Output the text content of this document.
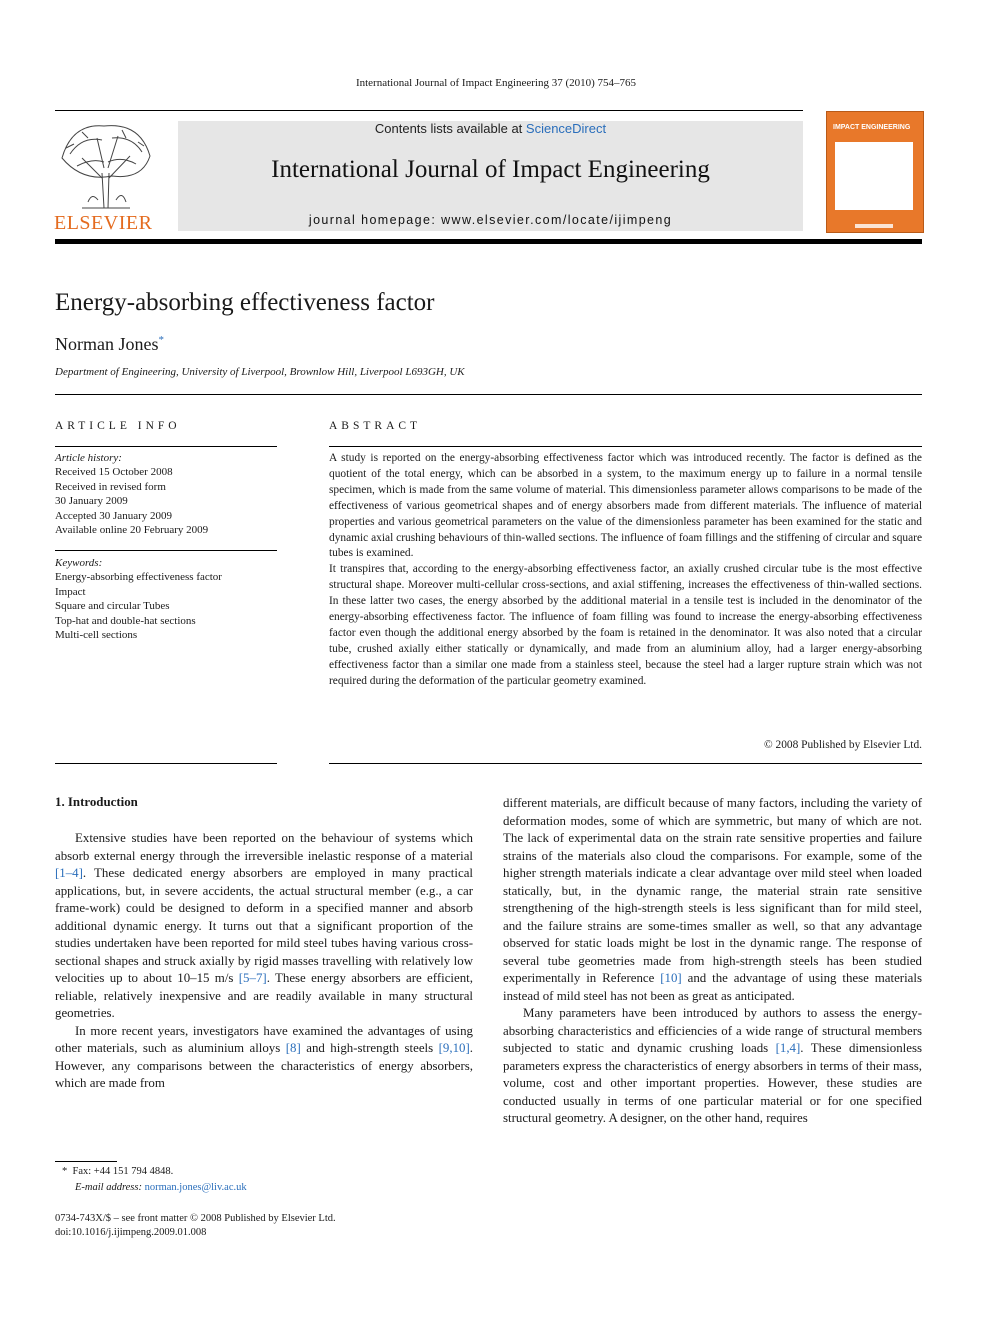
International Journal of Impact Engineering 37 (2010) 754–765
ELSEVIER
Contents lists available at ScienceDirect
International Journal of Impact Engineering
journal homepage: www.elsevier.com/locate/ijimpeng
IMPACT ENGINEERING
Energy-absorbing effectiveness factor
Norman Jones*
Department of Engineering, University of Liverpool, Brownlow Hill, Liverpool L693GH, UK
ARTICLE INFO
Article history:
Received 15 October 2008
Received in revised form
30 January 2009
Accepted 30 January 2009
Available online 20 February 2009
Keywords:
Energy-absorbing effectiveness factor
Impact
Square and circular Tubes
Top-hat and double-hat sections
Multi-cell sections
ABSTRACT

A study is reported on the energy-absorbing effectiveness factor which was introduced recently. The factor is defined as the quotient of the total energy, which can be absorbed in a system, to the maximum energy up to failure in a normal tensile specimen, which is made from the same volume of material. This dimensionless parameter allows comparisons to be made of the effectiveness of various geometrical shapes and of energy absorbers made from different materials. The influence of material properties and various geometrical parameters on the value of the dimensionless parameter has been examined for the static and dynamic axial crushing behaviours of thin-walled sections. The influence of foam fillings and the stiffening of circular and square tubes is examined.

It transpires that, according to the energy-absorbing effectiveness factor, an axially crushed circular tube is the most effective structural shape. Moreover multi-cellular cross-sections, and axial stiffening, increases the effectiveness of thin-walled sections. In these latter two cases, the energy absorbed by the additional material in a tensile test is included in the denominator of the energy-absorbing effectiveness factor. The influence of foam filling was found to increase the energy-absorbing effectiveness factor even though the additional energy absorbed by the foam is retained in the denominator. It was also noted that a circular tube, crushed axially either statically or dynamically, and made from an aluminium alloy, had a larger energy-absorbing effectiveness factor than a similar one made from a stainless steel, because the steel had a larger rupture strain which was not required during the deformation of the particular geometry examined.

© 2008 Published by Elsevier Ltd.
1. Introduction

Extensive studies have been reported on the behaviour of systems which absorb external energy through the irreversible inelastic response of a material [1–4]. These dedicated energy absorbers are employed in many practical applications, but, in severe accidents, the actual structural member (e.g., a car frame-work) could be designed to deform in a specified manner and absorb additional dynamic energy. It turns out that a significant proportion of the studies undertaken have been reported for mild steel tubes having various cross-sectional shapes and struck axially by rigid masses travelling with relatively low velocities up to about 10–15 m/s [5–7]. These energy absorbers are efficient, reliable, relatively inexpensive and are readily available in many structural geometries.

In more recent years, investigators have examined the advantages of using other materials, such as aluminium alloys [8] and high-strength steels [9,10]. However, any comparisons between the characteristics of energy absorbers, which are made from

different materials, are difficult because of many factors, including the variety of deformation modes, some of which are symmetric, but many of which are not. The lack of experimental data on the strain rate sensitive properties and failure strains of the materials also cloud the comparisons. For example, some of the higher strength materials indicate a clear advantage over mild steel when loaded statically, but, in the dynamic range, the material strain rate sensitive strengthening of the high-strength steels is less significant than for mild steel, and the failure strains are some-times smaller as well, so that any advantage observed for static loads might be lost in the dynamic range. The response of several tube geometries made from high-strength steels has been studied experimentally in Reference [10] and the advantage of using these materials instead of mild steel has not been as great as anticipated.

Many parameters have been introduced by authors to assess the energy-absorbing characteristics and efficiencies of a wide range of structural members subjected to static and dynamic crushing loads [1,4]. These dimensionless parameters express the characteristics of energy absorbers in terms of their mass, volume, cost and other important properties. However, these studies are conducted usually in terms of one particular material or for one specified structural geometry. A designer, on the other hand, requires

* Fax: +44 151 794 4848.
E-mail address: norman.jones@liv.ac.uk
0734-743X/$ – see front matter © 2008 Published by Elsevier Ltd.
doi:10.1016/j.ijimpeng.2009.01.008
